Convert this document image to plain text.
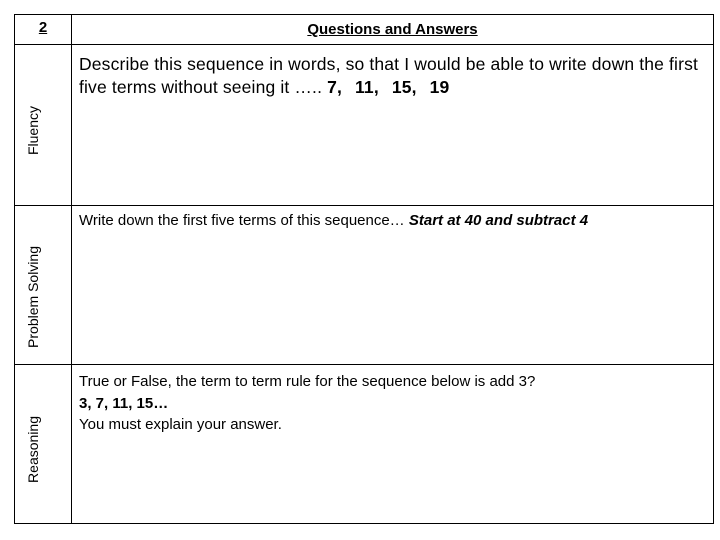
2	Questions and Answers
Fluency
Problem Solving
Reasoning
Describe this sequence in words, so that I would be able to write down the first five terms without seeing it ….. 7, 11, 15, 19
Write down the first five terms of this sequence… Start at 40 and subtract 4
True or False, the term to term rule for the sequence below is add 3?
3, 7, 11, 15…
You must explain your answer.
